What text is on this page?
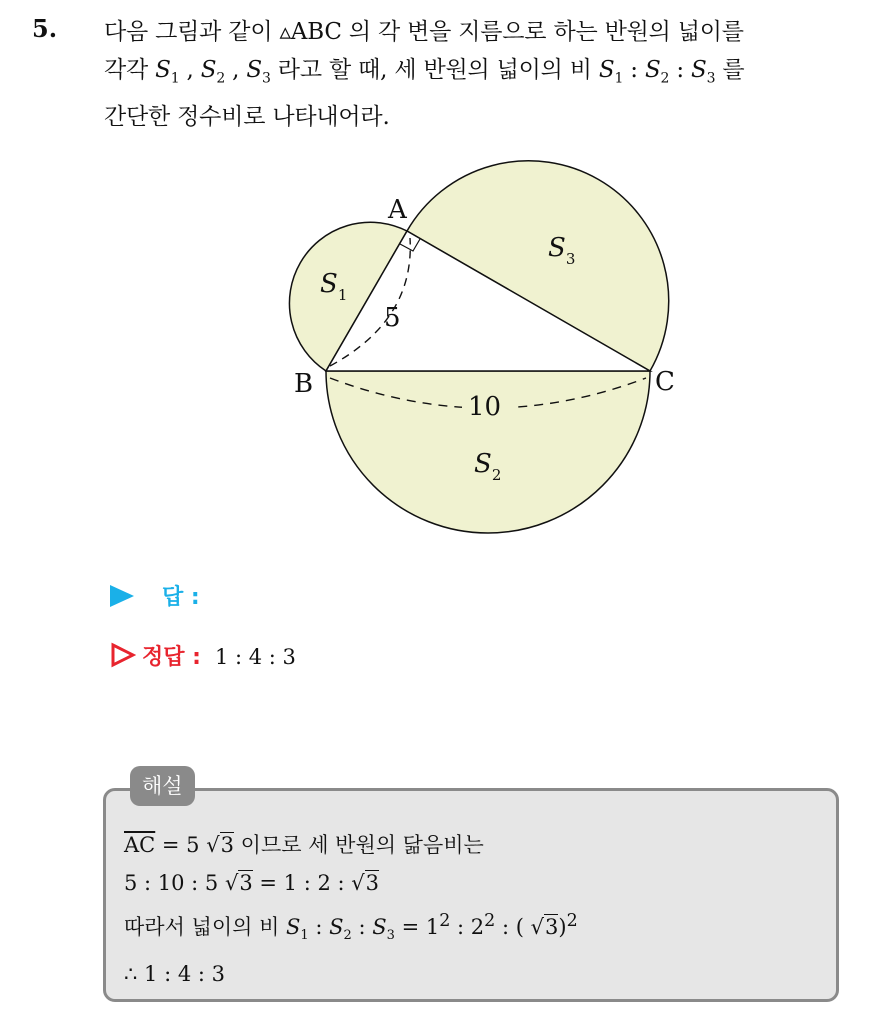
5. 다음 그림과 같이 ▵ABC 의 각 변을 지름으로 하는 반원의 넓이를
각각 $S_1$ , $S_2$ , $S_3$ 라고 할 때, 세 반원의 넓이의 비 $S_1$ : $S_2$ : $S_3$ 를
간단한 정수비로 나타내어라.
A
B	C
5
10
$S_1$
$S_3$
$S_2$
답 :
정답 : 1 : 4 : 3
해설
$\overline{AC} = 5$ √3 이므로 세 반원의 닮음비는
5 : 10 : 5 √3 = 1 : 2 : √3
따라서 넓이의 비 $S_1$ : $S_2$ : $S_3 = 1^2$ : $2^2$ : ( √3)$^2$
∴ 1 : 4 : 3
